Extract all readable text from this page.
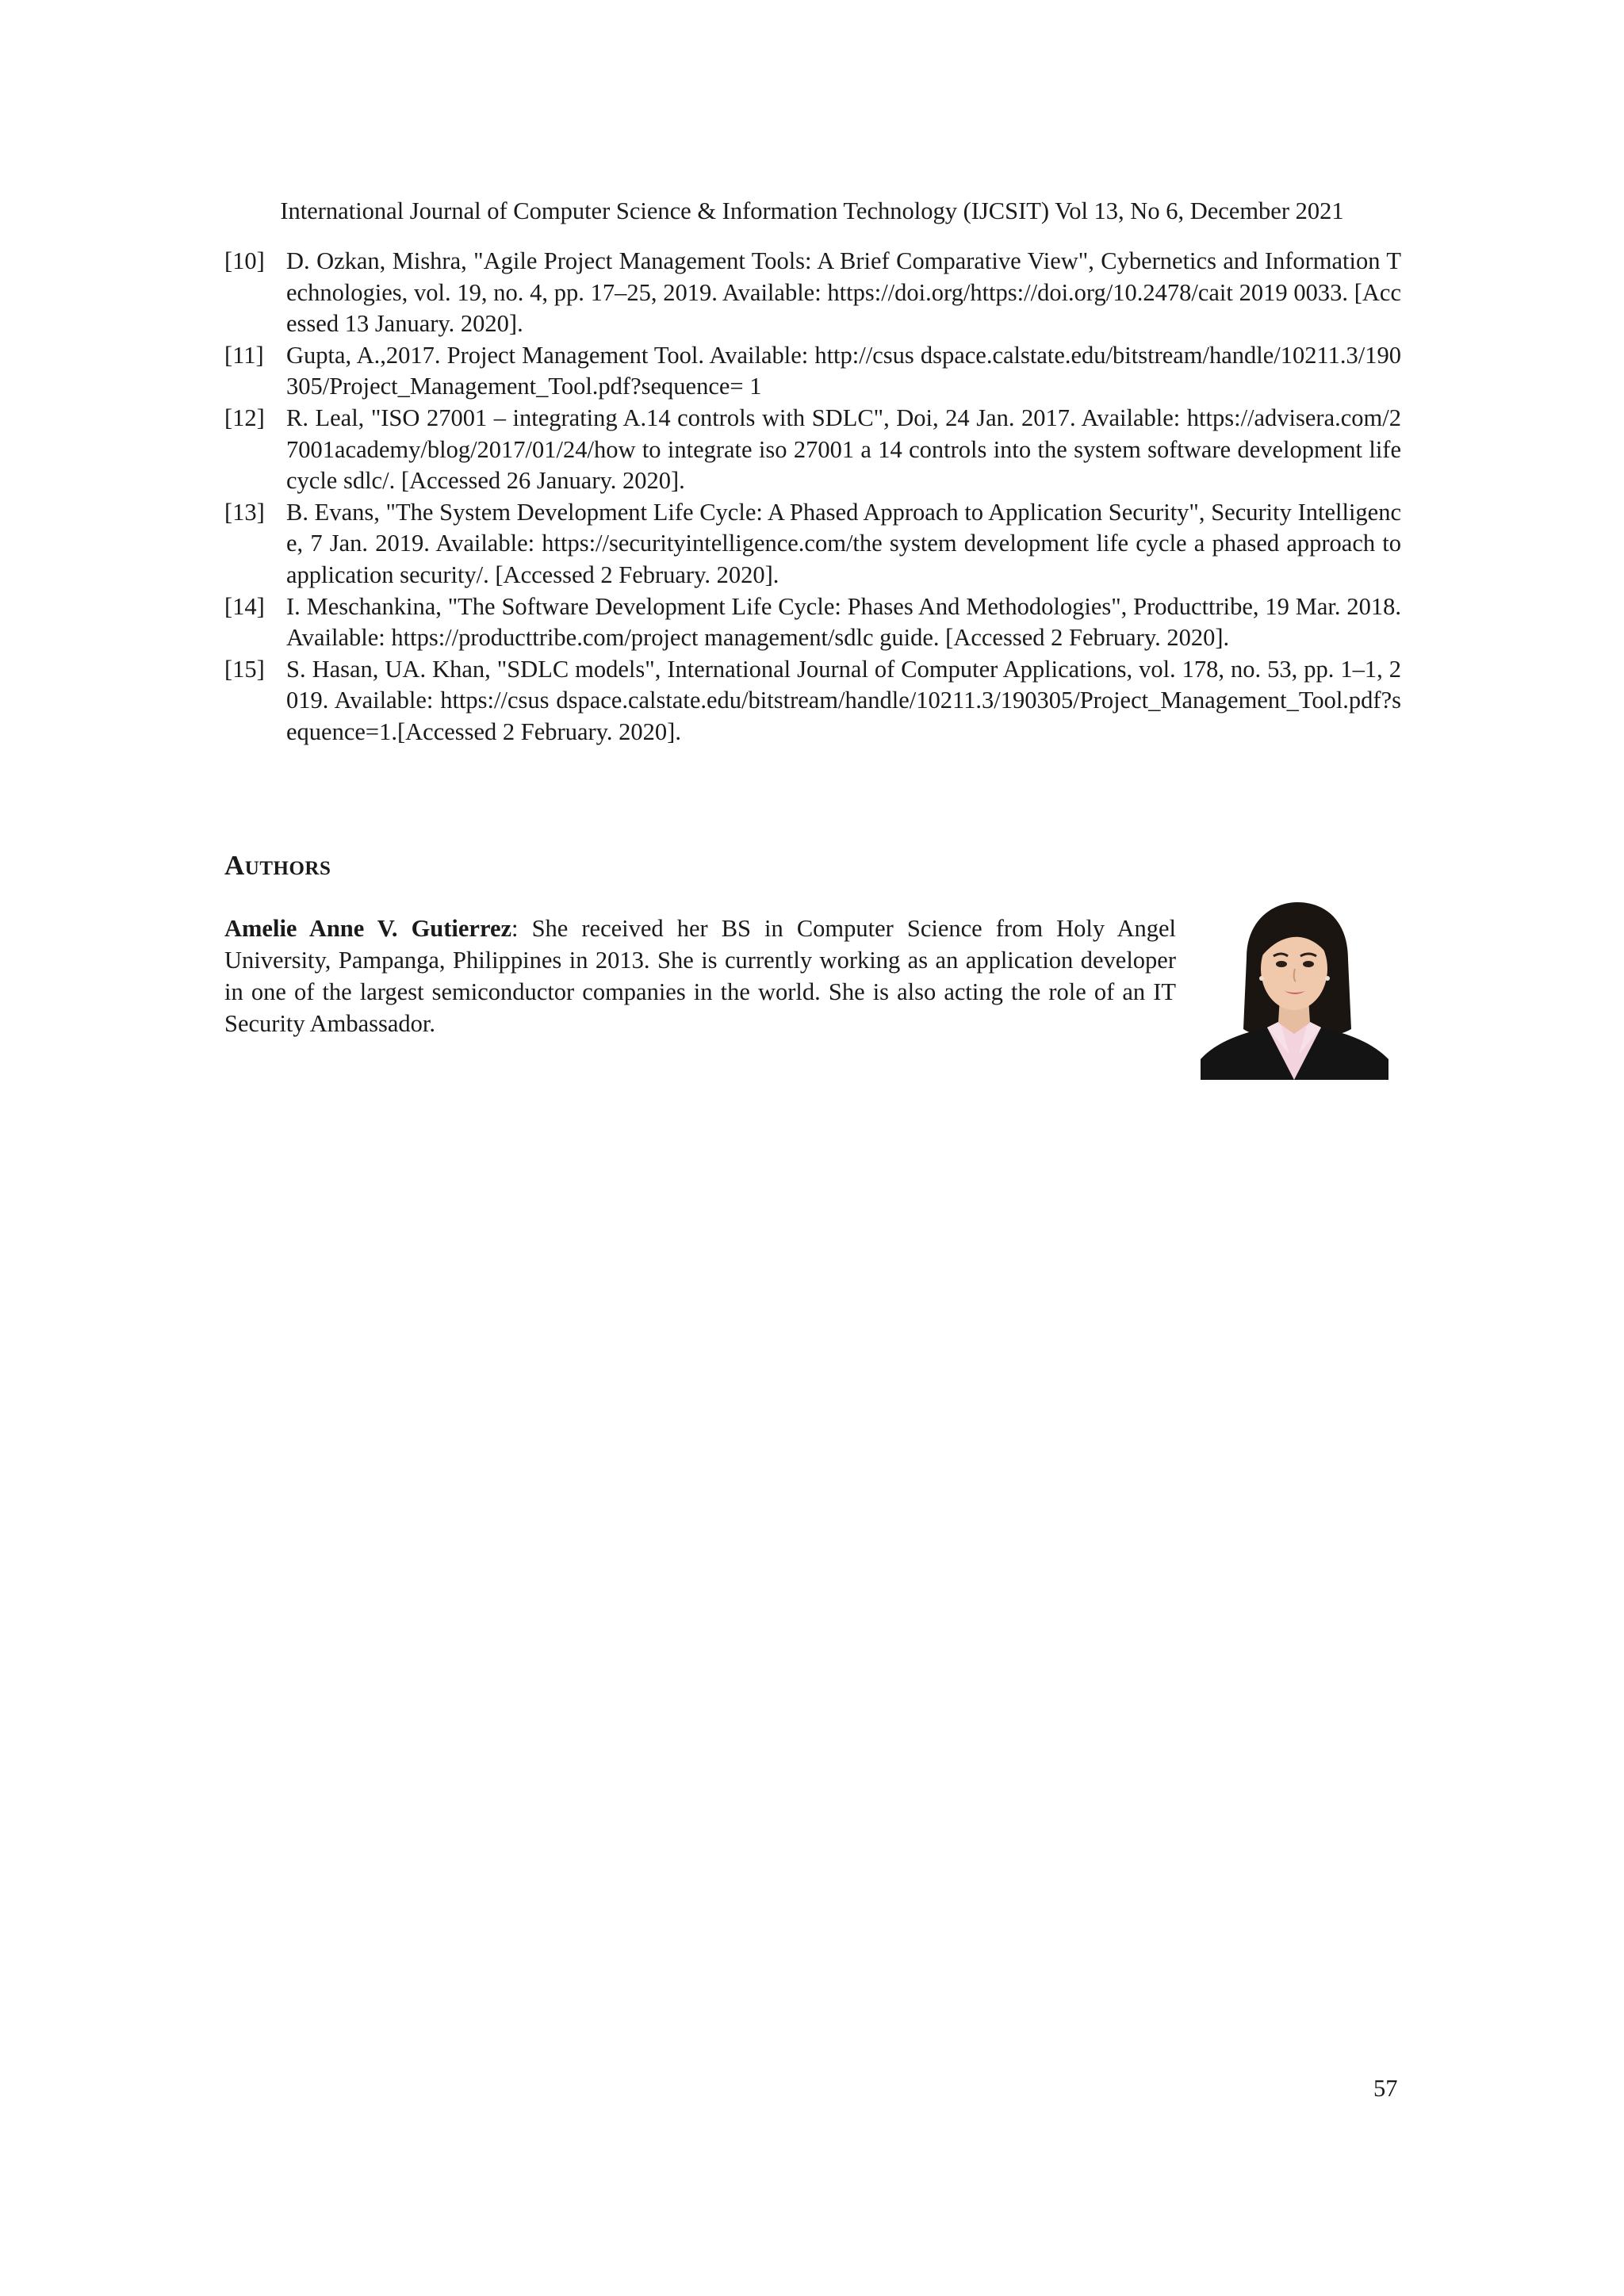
International Journal of Computer Science & Information Technology (IJCSIT) Vol 13, No 6, December 2021
[10] D. Ozkan, Mishra, "Agile Project Management Tools: A Brief Comparative View", Cybernetics and Information Technologies, vol. 19, no. 4, pp. 17–25, 2019. Available: https://doi.org/https://doi.org/10.2478/cait 2019 0033. [Accessed 13 January. 2020].
[11] Gupta, A.,2017. Project Management Tool. Available: http://csus dspace.calstate.edu/bitstream/handle/10211.3/190305/Project_Management_Tool.pdf?sequence= 1
[12] R. Leal, "ISO 27001 – integrating A.14 controls with SDLC", Doi, 24 Jan. 2017. Available: https://advisera.com/27001academy/blog/2017/01/24/how to integrate iso 27001 a 14 controls into the system software development life cycle sdlc/. [Accessed 26 January. 2020].
[13] B. Evans, "The System Development Life Cycle: A Phased Approach to Application Security", Security Intelligence, 7 Jan. 2019. Available: https://securityintelligence.com/the system development life cycle a phased approach to application security/. [Accessed 2 February. 2020].
[14] I. Meschankina, "The Software Development Life Cycle: Phases And Methodologies", Producttribe, 19 Mar. 2018. Available: https://producttribe.com/project management/sdlc guide. [Accessed 2 February. 2020].
[15] S. Hasan, UA. Khan, "SDLC models", International Journal of Computer Applications, vol. 178, no. 53, pp. 1–1, 2019. Available: https://csus dspace.calstate.edu/bitstream/handle/10211.3/190305/Project_Management_Tool.pdf?sequence=1.[Accessed 2 February. 2020].
Authors
Amelie Anne V. Gutierrez: She received her BS in Computer Science from Holy Angel University, Pampanga, Philippines in 2013. She is currently working as an application developer in one of the largest semiconductor companies in the world. She is also acting the role of an IT Security Ambassador.
57
